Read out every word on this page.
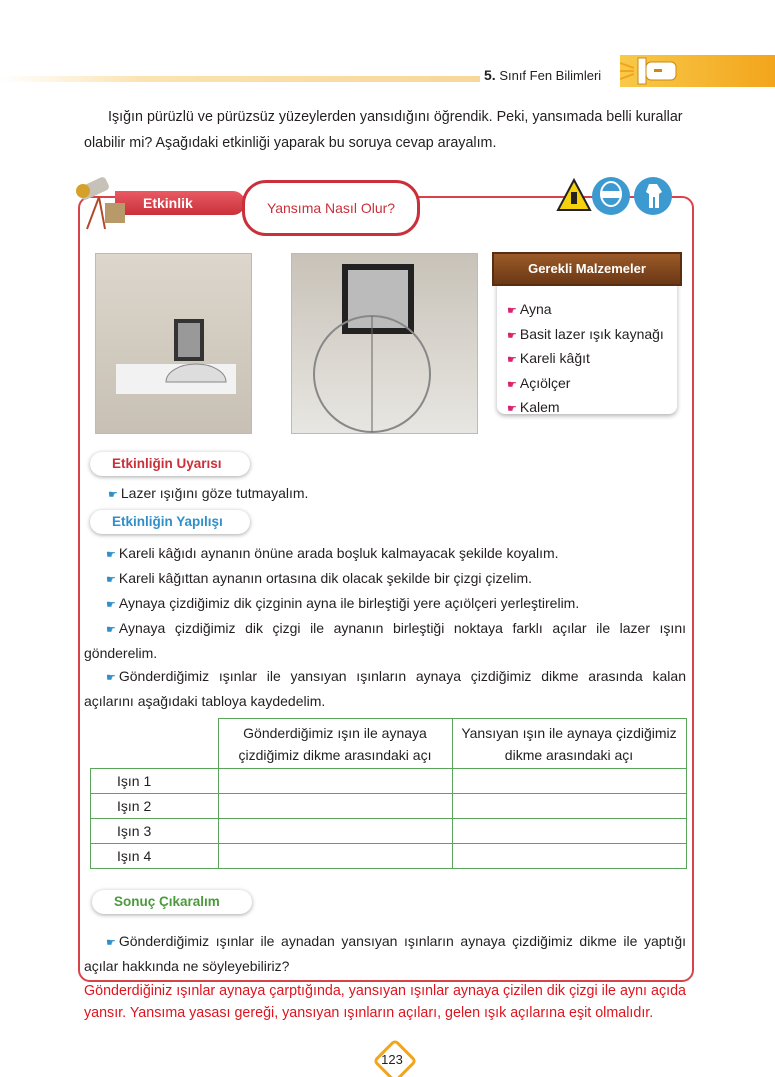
5. Sınıf Fen Bilimleri
Işığın pürüzlü ve pürüzsüz yüzeylerden yansıdığını öğrendik. Peki, yansımada belli kurallar olabilir mi? Aşağıdaki etkinliği yaparak bu soruya cevap arayalım.
Etkinlik	Yansıma Nasıl Olur?
☛ Ayna
☛ Basit lazer ışık kaynağı
☛ Kareli kâğıt
☛ Açıölçer
☛ Kalem
Gerekli Malzemeler
Etkinliğin Uyarısı
☛ Lazer ışığını göze tutmayalım.
Etkinliğin Yapılışı

☛ Kareli kâğıdı aynanın önüne arada boşluk kalmayacak şekilde koyalım.

☛ Kareli kâğıttan aynanın ortasına dik olacak şekilde bir çizgi çizelim.

☛ Aynaya çizdiğimiz dik çizginin ayna ile birleştiği yere açıölçeri yerleştirelim.

☛ Aynaya çizdiğimiz dik çizgi ile aynanın birleştiği noktaya farklı açılar ile lazer ışını gönderelim.

☛ Gönderdiğimiz ışınlar ile yansıyan ışınların aynaya çizdiğimiz dikme arasında kalan açılarını aşağıdaki tabloya kaydedelim.

	Gönderdiğimiz ışın ile aynaya çizdiğimiz dikme arasındaki açı	Yansıyan ışın ile aynaya çizdiğimiz dikme arasındaki açı
Işın 1		
Işın 2		
Işın 3		
Işın 4		
Sonuç Çıkaralım

☛ Gönderdiğimiz ışınlar ile aynadan yansıyan ışınların aynaya çizdiğimiz dikme ile yaptığı açılar hakkında ne söyleyebiliriz?

Gönderdiğiniz ışınlar aynaya çarptığında, yansıyan ışınlar aynaya çizilen dik çizgi ile aynı açıda yansır. Yansıma yasası gereği, yansıyan ışınların açıları, gelen ışık açılarına eşit olmalıdır.
123
